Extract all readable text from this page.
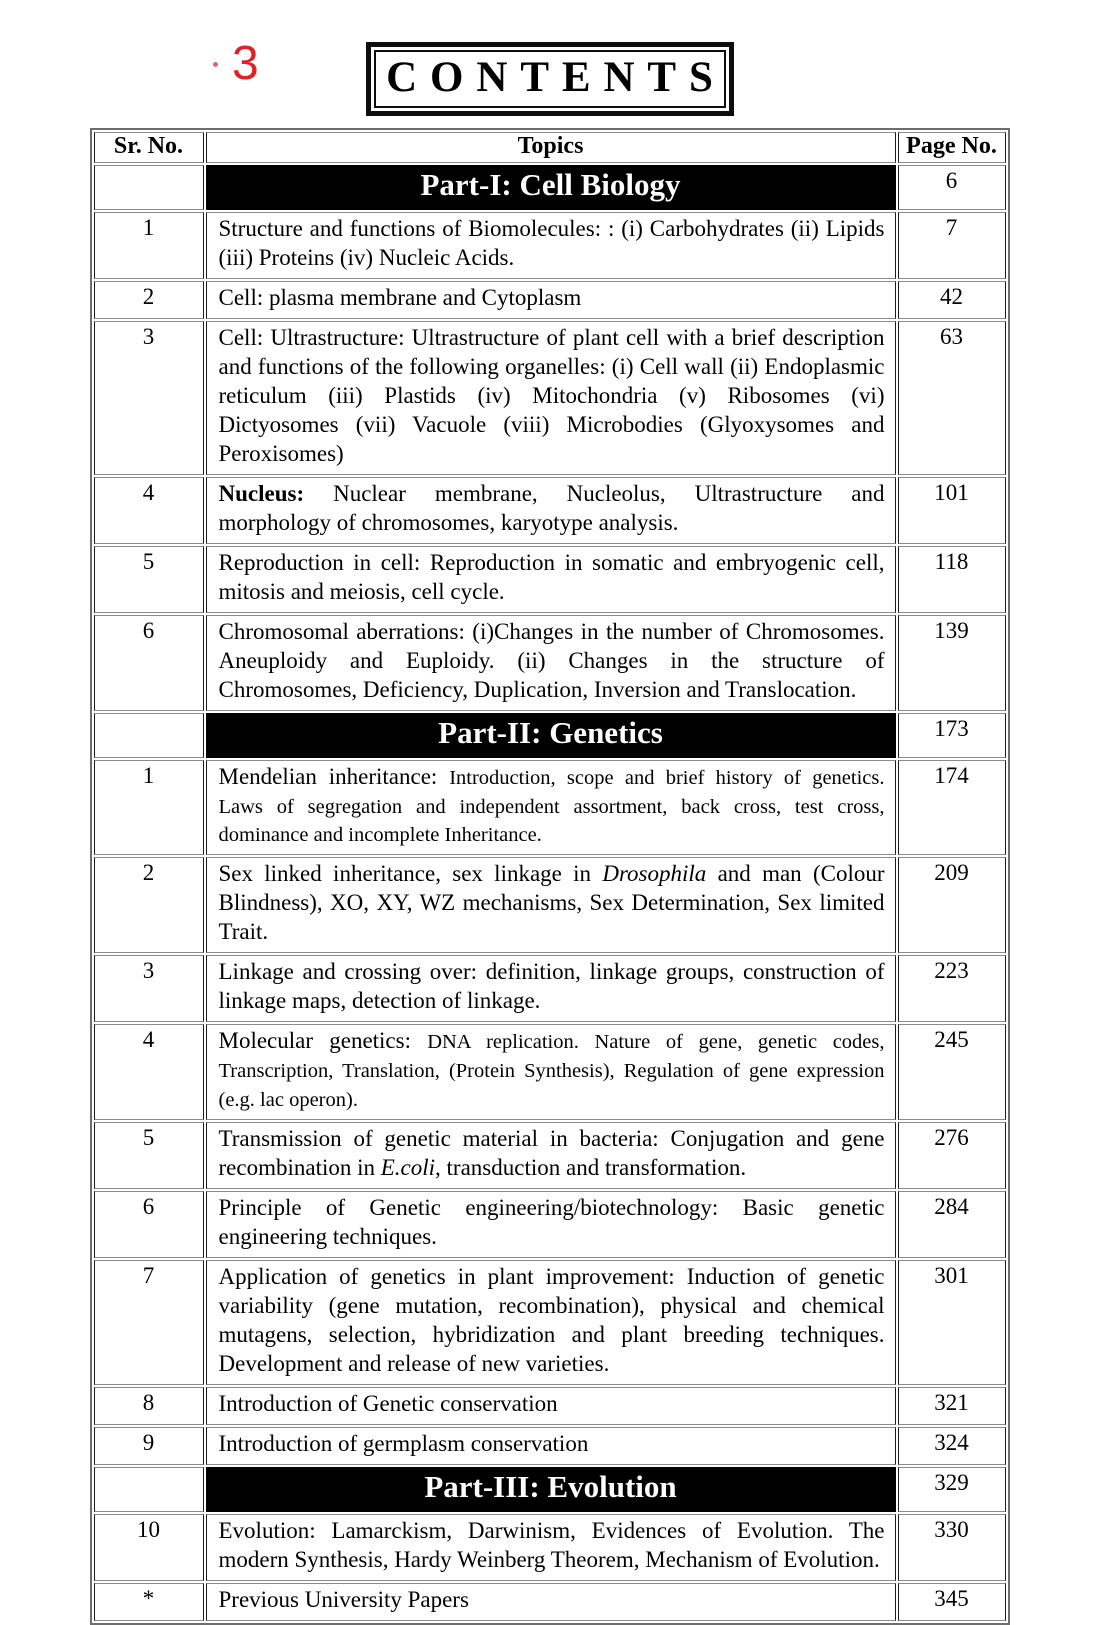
3	CONTENTS
Sr. No.	Topics	Page No.
	Part-I: Cell Biology	6
1	Structure and functions of Biomolecules: : (i) Carbohydrates (ii) Lipids (iii) Proteins (iv) Nucleic Acids.	7
2	Cell: plasma membrane and Cytoplasm	42
3	Cell: Ultrastructure: Ultrastructure of plant cell with a brief description and functions of the following organelles: (i) Cell wall (ii) Endoplasmic reticulum (iii) Plastids (iv) Mitochondria (v) Ribosomes (vi) Dictyosomes (vii) Vacuole (viii) Microbodies (Glyoxysomes and Peroxisomes)	63
4	Nucleus: Nuclear membrane, Nucleolus, Ultrastructure and morphology of chromosomes, karyotype analysis.	101
5	Reproduction in cell: Reproduction in somatic and embryogenic cell, mitosis and meiosis, cell cycle.	118
6	Chromosomal aberrations: (i)Changes in the number of Chromosomes. Aneuploidy and Euploidy. (ii) Changes in the structure of Chromosomes, Deficiency, Duplication, Inversion and Translocation.	139
	Part-II: Genetics	173
1	Mendelian inheritance: Introduction, scope and brief history of genetics. Laws of segregation and independent assortment, back cross, test cross, dominance and incomplete Inheritance.	174
2	Sex linked inheritance, sex linkage in Drosophila and man (Colour Blindness), XO, XY, WZ mechanisms, Sex Determination, Sex limited Trait.	209
3	Linkage and crossing over: definition, linkage groups, construction of linkage maps, detection of linkage.	223
4	Molecular genetics: DNA replication. Nature of gene, genetic codes, Transcription, Translation, (Protein Synthesis), Regulation of gene expression (e.g. lac operon).	245
5	Transmission of genetic material in bacteria: Conjugation and gene recombination in E.coli, transduction and transformation.	276
6	Principle of Genetic engineering/biotechnology: Basic genetic engineering techniques.	284
7	Application of genetics in plant improvement: Induction of genetic variability (gene mutation, recombination), physical and chemical mutagens, selection, hybridization and plant breeding techniques. Development and release of new varieties.	301
8	Introduction of Genetic conservation	321
9	Introduction of germplasm conservation	324
	Part-III: Evolution	329
10	Evolution: Lamarckism, Darwinism, Evidences of Evolution. The modern Synthesis, Hardy Weinberg Theorem, Mechanism of Evolution.	330
*	Previous University Papers	345
